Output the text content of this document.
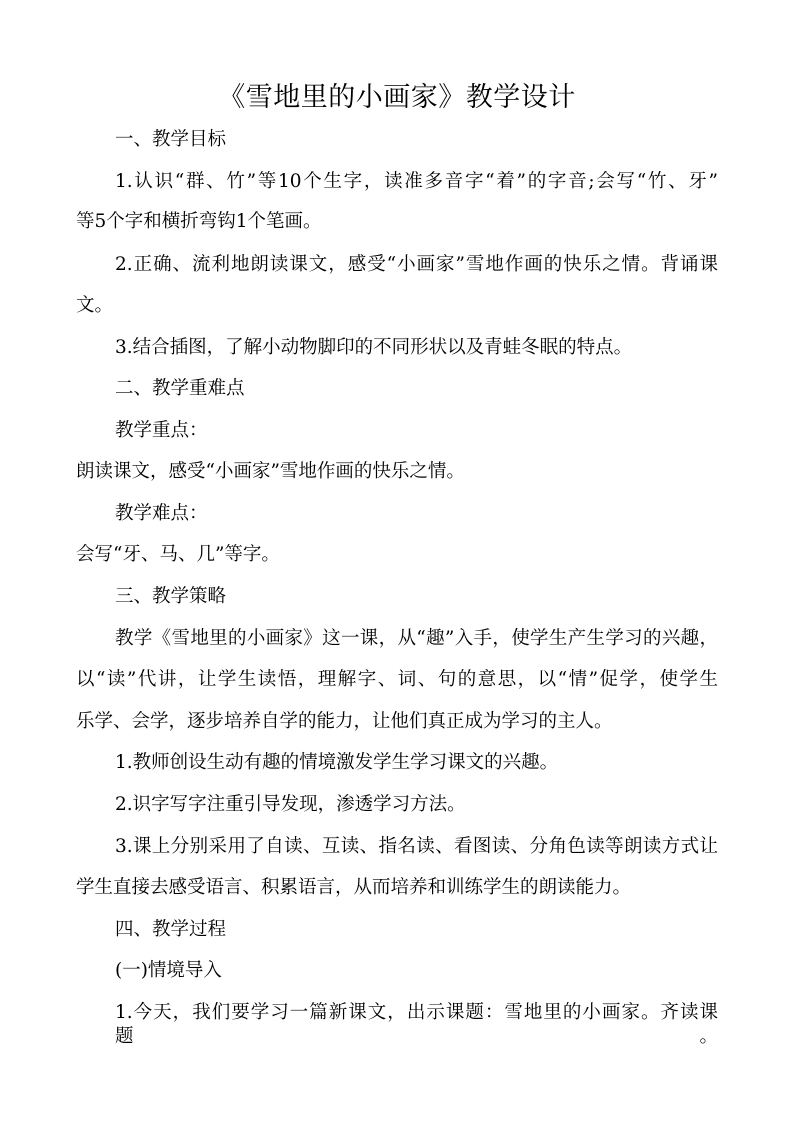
《雪地里的小画家》教学设计
一、教学目标
1.认识“群、竹”等10个生字，读准多音字“着”的字音;会写“竹、牙”
等5个字和横折弯钩1个笔画。
2.正确、流利地朗读课文，感受“小画家”雪地作画的快乐之情。背诵课
文。
3.结合插图，了解小动物脚印的不同形状以及青蛙冬眠的特点。
二、教学重难点
教学重点：
朗读课文，感受“小画家”雪地作画的快乐之情。
教学难点：
会写“牙、马、几”等字。
三、教学策略
教学《雪地里的小画家》这一课，从“趣”入手，使学生产生学习的兴趣，
以“读”代讲，让学生读悟，理解字、词、句的意思，以“情”促学，使学生
乐学、会学，逐步培养自学的能力，让他们真正成为学习的主人。
1.教师创设生动有趣的情境激发学生学习课文的兴趣。
2.识字写字注重引导发现，渗透学习方法。
3.课上分别采用了自读、互读、指名读、看图读、分角色读等朗读方式让
学生直接去感受语言、积累语言，从而培养和训练学生的朗读能力。
四、教学过程
(一)情境导入
1.今天，我们要学习一篇新课文，出示课题：雪地里的小画家。齐读课题。
